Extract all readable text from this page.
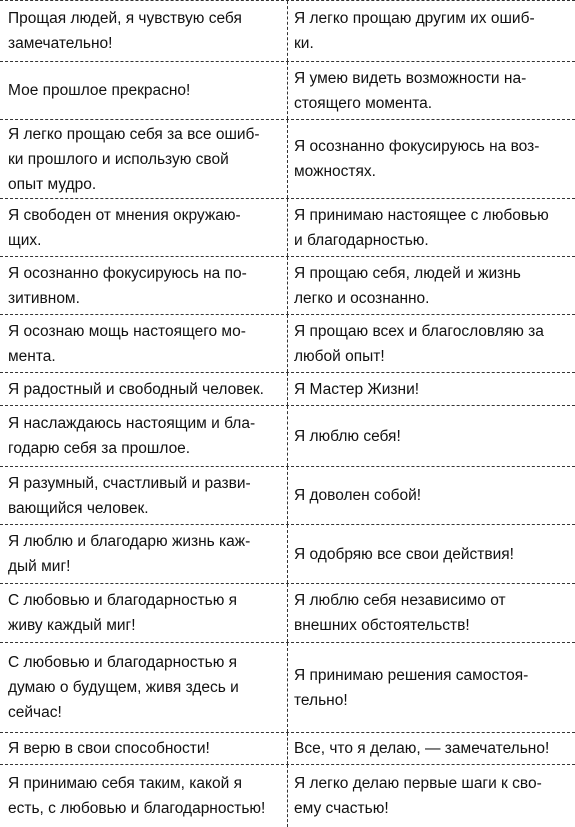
Прощая людей, я чувствую себя
замечательно!
Я легко прощаю другим их ошиб-
ки.
Мое прошлое прекрасно!
Я умею видеть возможности на-
стоящего момента.
Я легко прощаю себя за все ошиб-
ки прошлого и использую свой
опыт мудро.
Я осознанно фокусируюсь на воз-
можностях.
Я свободен от мнения окружаю-
щих.
Я принимаю настоящее с любовью
и благодарностью.
Я осознанно фокусируюсь на по-
зитивном.
Я прощаю себя, людей и жизнь
легко и осознанно.
Я осознаю мощь настоящего мо-
мента.
Я прощаю всех и благословляю за
любой опыт!
Я радостный и свободный человек.	Я Мастер Жизни!
Я наслаждаюсь настоящим и бла-
годарю себя за прошлое.
Я люблю себя!
Я разумный, счастливый и разви-
вающийся человек.
Я доволен собой!
Я люблю и благодарю жизнь каж-
дый миг!
Я одобряю все свои действия!
С любовью и благодарностью я
живу каждый миг!
Я люблю себя независимо от
внешних обстоятельств!
С любовью и благодарностью я
думаю о будущем, живя здесь и
сейчас!
Я принимаю решения самостоя-
тельно!
Я верю в свои способности!	Все, что я делаю, — замечательно!
Я принимаю себя таким, какой я
есть, с любовью и благодарностью!
Я легко делаю первые шаги к сво-
ему счастью!
